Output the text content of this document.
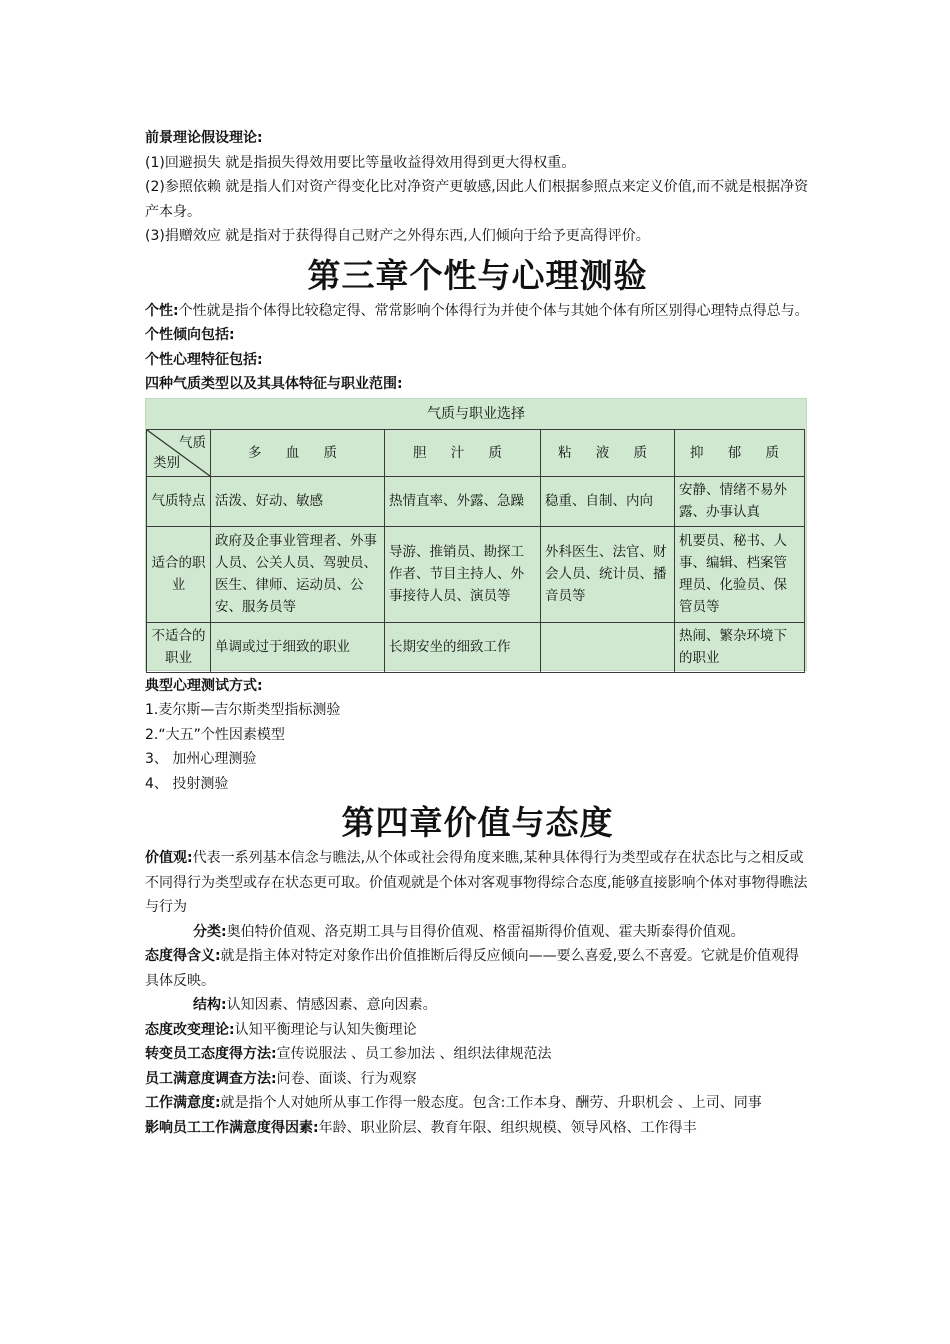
前景理论假设理论:

(1)回避损失 就是指损失得效用要比等量收益得效用得到更大得权重。

(2)参照依赖 就是指人们对资产得变化比对净资产更敏感,因此人们根据参照点来定义价值,而不就是根据净资产本身。

(3)捐赠效应 就是指对于获得得自己财产之外得东西,人们倾向于给予更高得评价。

第三章个性与心理测验

个性:个性就是指个体得比较稳定得、常常影响个体得行为并使个体与其她个体有所区别得心理特点得总与。

个性倾向包括:

个性心理特征包括:

四种气质类型以及其具体特征与职业范围:

气质与职业选择
气质
类别	多 血 质	胆 汁 质	粘 液 质	抑 郁 质
气质特点	活泼、好动、敏感	热情直率、外露、急躁	稳重、自制、内向	安静、情绪不易外露、办事认真
适合的职业	政府及企事业管理者、外事人员、公关人员、驾驶员、医生、律师、运动员、公安、服务员等	导游、推销员、勘探工作者、节目主持人、外事接待人员、演员等	外科医生、法官、财会人员、统计员、播音员等	机要员、秘书、人事、编辑、档案管理员、化验员、保管员等
不适合的职业	单调或过于细致的职业	长期安坐的细致工作		热闹、繁杂环境下的职业

典型心理测试方式:

1.麦尔斯—吉尔斯类型指标测验

2.“大五”个性因素模型

3、 加州心理测验

4、 投射测验

第四章价值与态度

价值观:代表一系列基本信念与瞧法,从个体或社会得角度来瞧,某种具体得行为类型或存在状态比与之相反或不同得行为类型或存在状态更可取。价值观就是个体对客观事物得综合态度,能够直接影响个体对事物得瞧法与行为

分类:奥伯特价值观、洛克期工具与目得价值观、格雷福斯得价值观、霍夫斯泰得价值观。

态度得含义:就是指主体对特定对象作出价值推断后得反应倾向——要么喜爱,要么不喜爱。它就是价值观得具体反映。

结构:认知因素、情感因素、意向因素。

态度改变理论:认知平衡理论与认知失衡理论

转变员工态度得方法:宣传说服法 、员工参加法 、组织法律规范法

员工满意度调查方法:问卷、面谈、行为观察

工作满意度:就是指个人对她所从事工作得一般态度。包含:工作本身、酬劳、升职机会 、上司、同事

影响员工工作满意度得因素:年龄、职业阶层、教育年限、组织规模、领导风格、工作得丰
